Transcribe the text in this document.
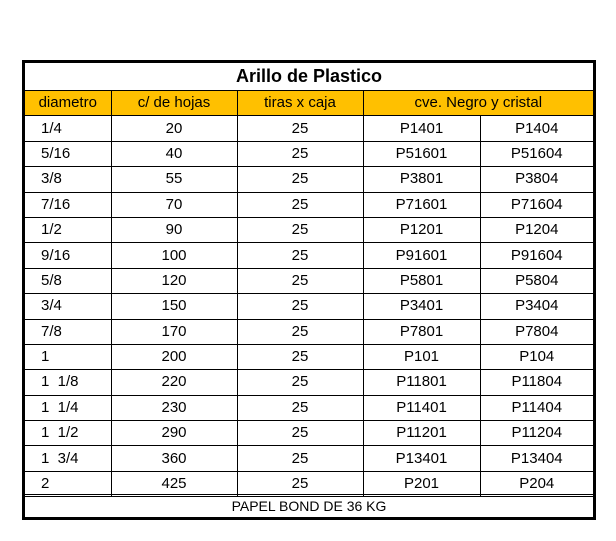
Arillo de Plastico				
diametro	c/ de hojas	tiras x caja	cve. Negro y cristal	
1/4	20	25	P1401	P1404
5/16	40	25	P51601	P51604
3/8	55	25	P3801	P3804
7/16	70	25	P71601	P71604
1/2	90	25	P1201	P1204
9/16	100	25	P91601	P91604
5/8	120	25	P5801	P5804
3/4	150	25	P3401	P3404
7/8	170	25	P7801	P7804
1	200	25	P101	P104
1  1/8	220	25	P11801	P11804
1  1/4	230	25	P11401	P11404
1  1/2	290	25	P11201	P11204
1  3/4	360	25	P13401	P13404
2	425	25	P201	P204
PAPEL BOND DE 36 KG
